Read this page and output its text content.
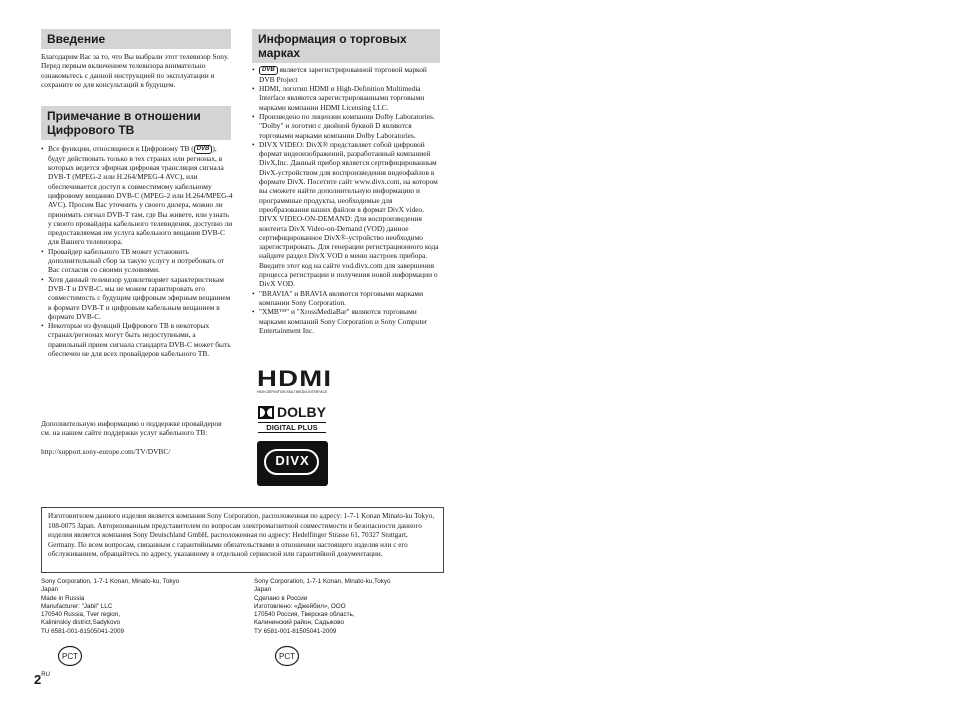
Введение

Благодарим Вас за то, что Вы выбрали этот телевизор Sony. Перед первым включением телевизора внимательно ознакомьтесь с данной инструкцией по эксплуатации и сохраните ее для консультаций в будущем.

Примечание в отношении Цифрового ТВ
• Все функции, относящиеся к Цифровому ТВ ( DVB ), будут действовать только в тех странах или регионах, в которых ведется эфирная цифровая трансляция сигнала DVB-T (MPEG-2 или H.264/MPEG-4 AVC), или обеспечивается доступ к совместимому кабельному цифровому вещанию DVB-C (MPEG-2 или H.264/MPEG-4 AVC). Просим Вас уточнить у своего дилера, можно ли принимать сигнал DVB-T там, где Вы живете, или узнать у своего провайдера кабельного телевидения, доступно ли предоставляемая им услуга кабельного вещания DVB-C для Вашего телевизора.
• Провайдер кабельного ТВ может установить дополнительный сбор за такую услугу и потребовать от Вас согласия со своими условиями.
• Хотя данный телевизор удовлетворяет характеристикам DVB-T и DVB-C, мы не можем гарантировать его совместимость с будущим цифровым эфирным вещанием в формате DVB-T и цифровым кабельным вещанием в формате DVB-C.
• Некоторые из функций Цифрового ТВ в некоторых странах/регионах могут быть недоступными, а правильный прием сигнала стандарта DVB-C может быть обеспечен не для всех провайдеров кабельного ТВ.

Дополнительную информацию о поддержке провайдеров см. на нашем сайте поддержки услуг кабельного ТВ:

http://support.sony-europe.com/TV/DVBC/

Информация о торговых марках
• DVB является зарегистрированной торговой маркой DVB Project
• HDMI, логотип HDMI и High-Definition Multimedia Interface являются зарегистрированными торговыми марками компании HDMI Licensing LLC.
• Произведено по лицензии компании Dolby Laboratories. "Dolby" и логотип с двойной буквой D являются торговыми марками компании Dolby Laboratories.
• DIVX VIDEO: DivX® представляет собой цифровой формат видеоизображений, разработанный компанией DivX,Inc. Данный прибор является сертифицированным DivX-устройством для воспроизведения видеофайлов в формате DivX. Посетите сайт www.divx.com, на котором вы сможете найти дополнительную информацию и программные продукты, необходимые для преобразования ваших файлов в формат DivX video. DIVX VIDEO-ON-DEMAND: Для воспроизведения контента DivX Video-on-Demand (VOD) данное сертифицированное DivX®-устройство необходимо зарегистрировать. Для генерации регистрационного кода найдите раздел DivX VOD в меню настроек прибора. Введите этот код на сайте vod.divx.com для завершения процесса регистрации и получения новой информации о DivX VOD.
• "BRAVIA" и BRAVIA являются торговыми марками компании Sony Corporation.
• "XMB™" и "XrossMediaBar" являются торговыми марками компаний Sony Corporation и Sony Computer Entertainment Inc.
HDMI
HIGH-DEFINITION MULTIMEDIA INTERFACE
DOLBY
DIGITAL PLUS
DIVX
Изготовителем данного изделия является компания Sony Corporation, расположенная по адресу: 1-7-1 Konan Minato-ku Tokyo, 108-0075 Japan. Авторизованным представителем по вопросам электромагнитной совместимости и безопасности данного изделия является компания Sony Deutschland GmbH, расположенная по адресу: Hedelfinger Strasse 61, 70327 Stuttgart, Germany. По всем вопросам, связанным с гарантийными обязательствами в отношении настоящего изделия или с его обслуживанием, обращайтесь по адресу, указанному в отдельной сервисной или гарантийной документации.
Sony Corporation, 1-7-1 Konan, Minato-ku, Tokyo
Japan
Made in Russia
Manufacturer: "Jabil" LLC
170540 Russia, Tver region,
Kalininskiy district,Sadykovo
TU 6581-001-81505041-2009
Sony Corporation, 1-7-1 Konan, Minato-ku,Tokyo
Japan
Сделано в России
Изготовлено: «Джейбил», ООО
170540 Россия, Тверская область,
Калининский район, Садыково
ТУ 6581-001-81505041-2009
PCT	PCT
$2^{RU}$
